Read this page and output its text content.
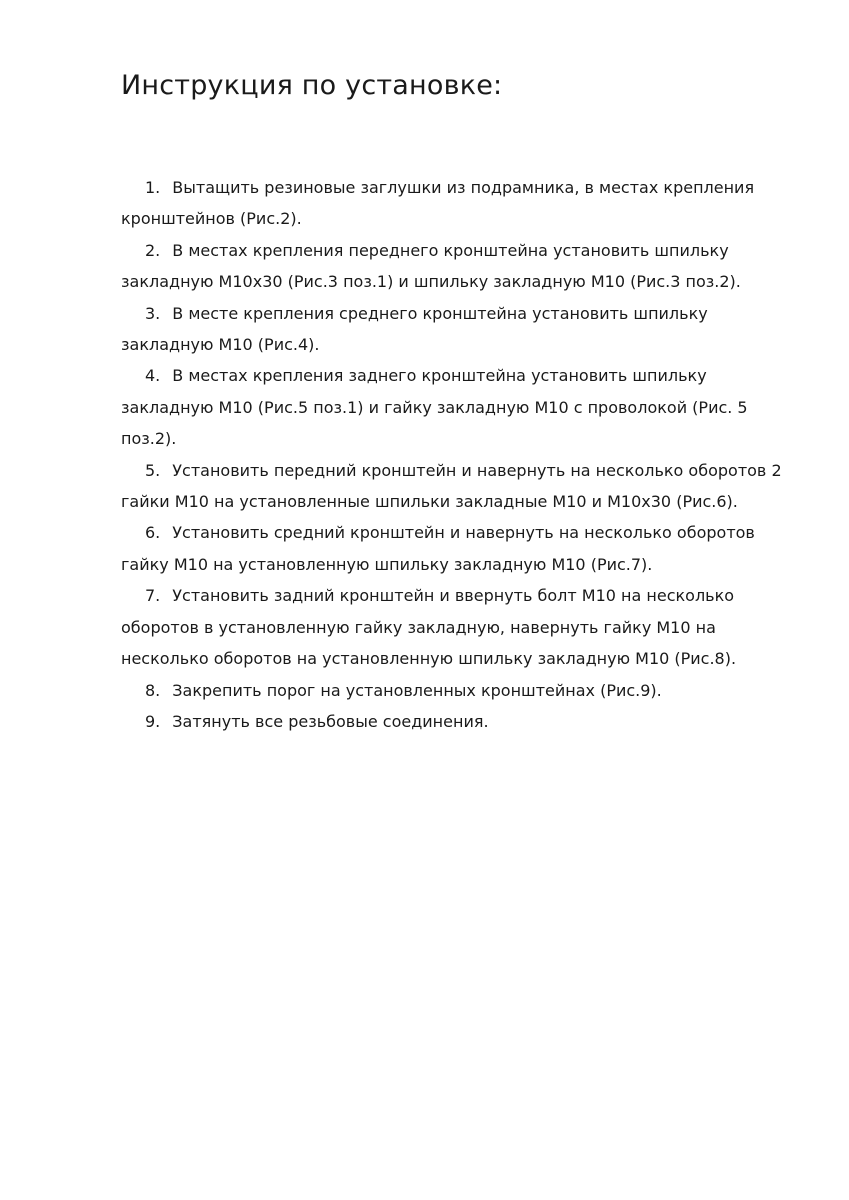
Инструкция по установке:

1. Вытащить резиновые заглушки из подрамника, в местах крепления кронштейнов (Рис.2).

2. В местах крепления переднего кронштейна установить шпильку закладную М10х30 (Рис.3 поз.1) и шпильку закладную М10 (Рис.3 поз.2).

3. В месте крепления среднего кронштейна установить шпильку закладную М10 (Рис.4).

4. В местах крепления заднего кронштейна установить шпильку закладную М10 (Рис.5 поз.1) и гайку закладную М10 с проволокой (Рис. 5 поз.2).

5. Установить передний кронштейн и навернуть на несколько оборотов 2 гайки М10 на установленные шпильки закладные М10 и М10х30 (Рис.6).

6. Установить средний кронштейн и навернуть на несколько оборотов гайку М10 на установленную шпильку закладную М10 (Рис.7).

7. Установить задний кронштейн и ввернуть болт М10 на несколько оборотов в установленную гайку закладную, навернуть гайку М10 на несколько оборотов на установленную шпильку закладную М10 (Рис.8).

8. Закрепить порог на установленных кронштейнах (Рис.9).

9. Затянуть все резьбовые соединения.
